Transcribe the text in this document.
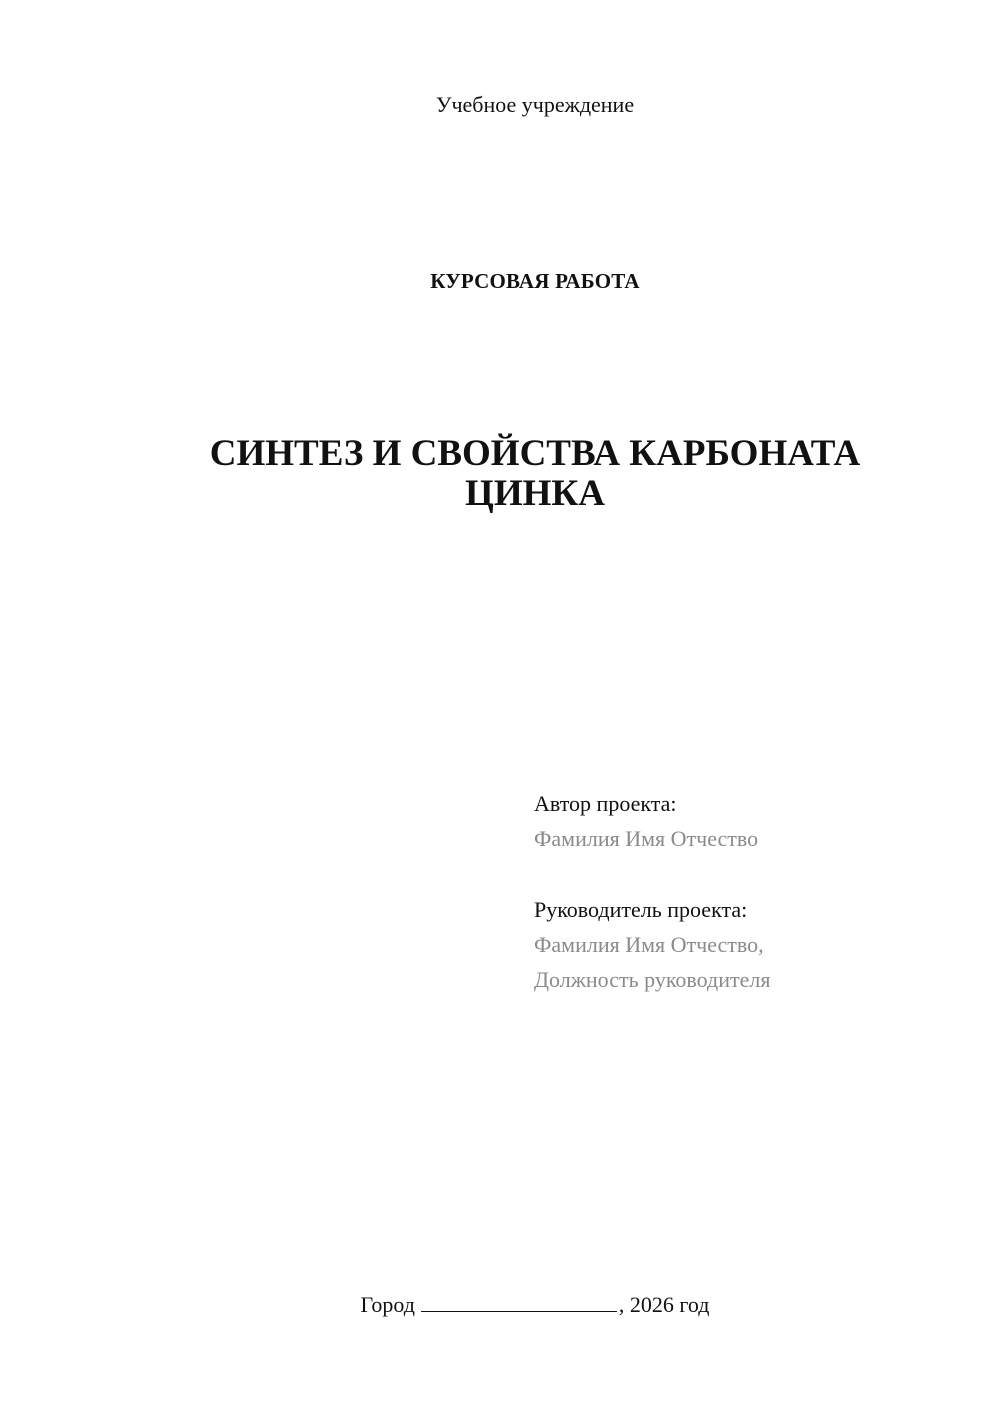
Учебное учреждение
КУРСОВАЯ РАБОТА
СИНТЕЗ И СВОЙСТВА КАРБОНАТА
ЦИНКА
Автор проекта:
Фамилия Имя Отчество
Руководитель проекта:
Фамилия Имя Отчество,
Должность руководителя
Город	, 2026 год
